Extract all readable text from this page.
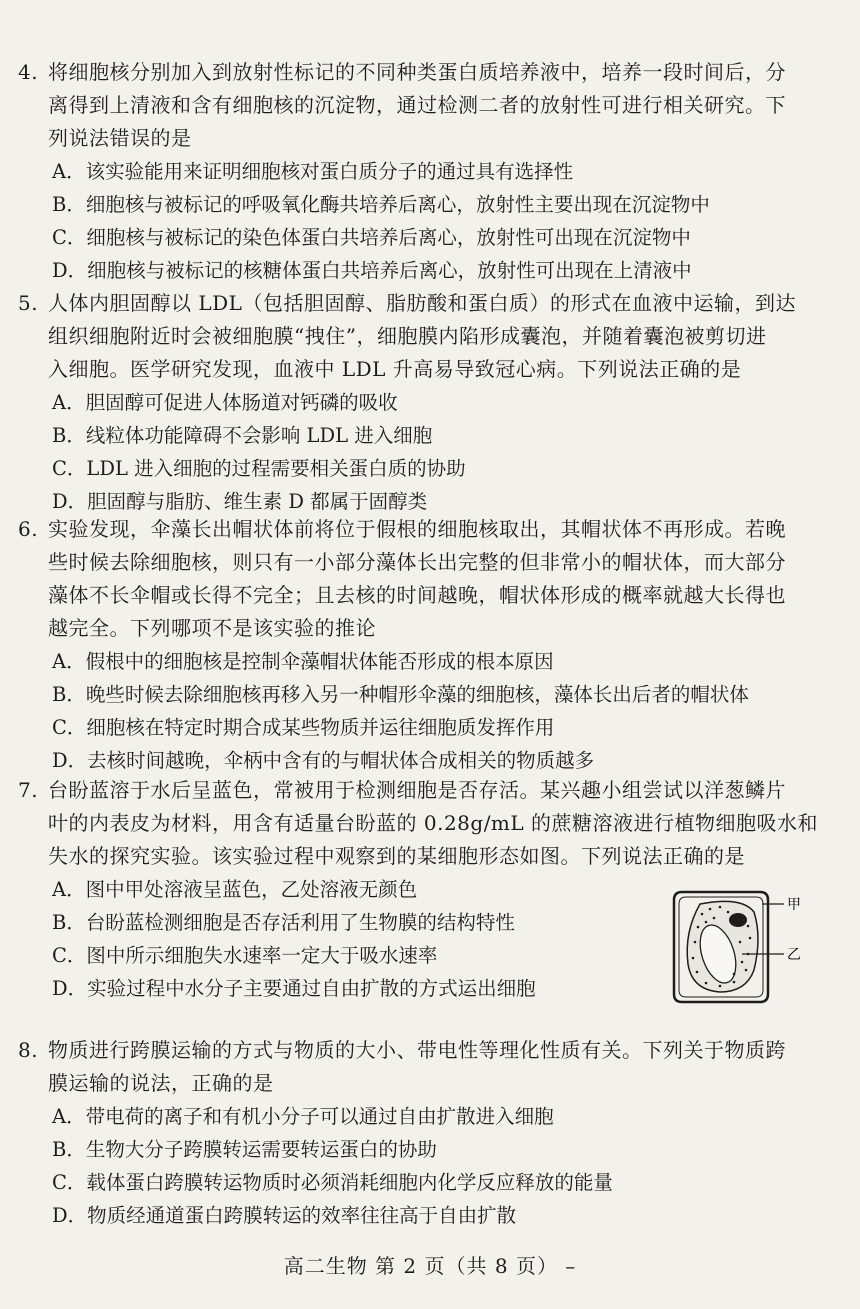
4. 将细胞核分别加入到放射性标记的不同种类蛋白质培养液中，培养一段时间后，分
离得到上清液和含有细胞核的沉淀物，通过检测二者的放射性可进行相关研究。下
列说法错误的是
A．该实验能用来证明细胞核对蛋白质分子的通过具有选择性
B．细胞核与被标记的呼吸氧化酶共培养后离心，放射性主要出现在沉淀物中
C．细胞核与被标记的染色体蛋白共培养后离心，放射性可出现在沉淀物中
D．细胞核与被标记的核糖体蛋白共培养后离心，放射性可出现在上清液中
5. 人体内胆固醇以 LDL（包括胆固醇、脂肪酸和蛋白质）的形式在血液中运输，到达
组织细胞附近时会被细胞膜“拽住”，细胞膜内陷形成囊泡，并随着囊泡被剪切进
入细胞。医学研究发现，血液中 LDL 升高易导致冠心病。下列说法正确的是
A．胆固醇可促进人体肠道对钙磷的吸收
B．线粒体功能障碍不会影响 LDL 进入细胞
C．LDL 进入细胞的过程需要相关蛋白质的协助
D．胆固醇与脂肪、维生素 D 都属于固醇类
6. 实验发现，伞藻长出帽状体前将位于假根的细胞核取出，其帽状体不再形成。若晚
些时候去除细胞核，则只有一小部分藻体长出完整的但非常小的帽状体，而大部分
藻体不长伞帽或长得不完全；且去核的时间越晚，帽状体形成的概率就越大长得也
越完全。下列哪项不是该实验的推论
A．假根中的细胞核是控制伞藻帽状体能否形成的根本原因
B．晚些时候去除细胞核再移入另一种帽形伞藻的细胞核，藻体长出后者的帽状体
C．细胞核在特定时期合成某些物质并运往细胞质发挥作用
D．去核时间越晚，伞柄中含有的与帽状体合成相关的物质越多
7. 台盼蓝溶于水后呈蓝色，常被用于检测细胞是否存活。某兴趣小组尝试以洋葱鳞片
叶的内表皮为材料，用含有适量台盼蓝的 0.28g/mL 的蔗糖溶液进行植物细胞吸水和
失水的探究实验。该实验过程中观察到的某细胞形态如图。下列说法正确的是
A．图中甲处溶液呈蓝色，乙处溶液无颜色
B．台盼蓝检测细胞是否存活利用了生物膜的结构特性
C．图中所示细胞失水速率一定大于吸水速率
D．实验过程中水分子主要通过自由扩散的方式运出细胞
甲
乙
8. 物质进行跨膜运输的方式与物质的大小、带电性等理化性质有关。下列关于物质跨
膜运输的说法，正确的是
A．带电荷的离子和有机小分子可以通过自由扩散进入细胞
B．生物大分子跨膜转运需要转运蛋白的协助
C．载体蛋白跨膜转运物质时必须消耗细胞内化学反应释放的能量
D．物质经通道蛋白跨膜转运的效率往往高于自由扩散
高二生物 第 2 页（共 8 页） –
